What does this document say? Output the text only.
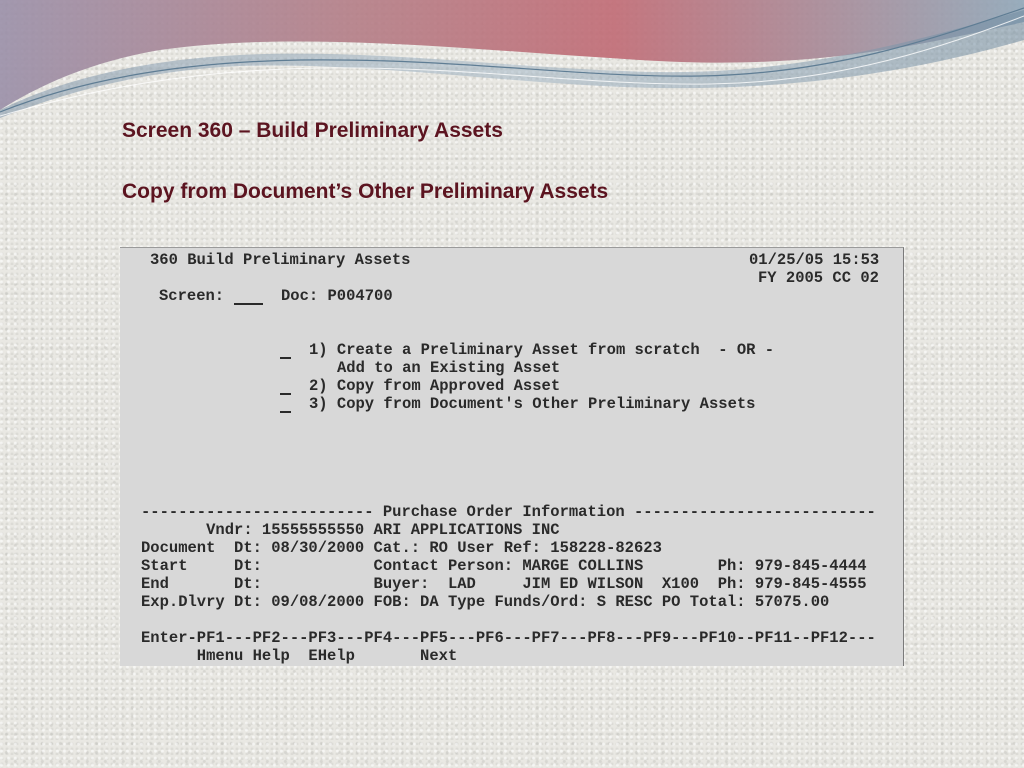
Screen 360 – Build Preliminary Assets
Copy from Document’s Other Preliminary Assets
360 Build Preliminary Assets	01/25/05 15:53
FY 2005 CC 02
Screen:	Doc: P004700
1) Create a Preliminary Asset from scratch  - OR -
Add to an Existing Asset
2) Copy from Approved Asset
3) Copy from Document's Other Preliminary Assets
------------------------- Purchase Order Information --------------------------
Vndr: 15555555550 ARI APPLICATIONS INC
Document  Dt: 08/30/2000 Cat.: RO User Ref: 158228-82623
Start     Dt:            Contact Person: MARGE COLLINS        Ph: 979-845-4444
End       Dt:            Buyer:  LAD     JIM ED WILSON  X100  Ph: 979-845-4555
Exp.Dlvry Dt: 09/08/2000 FOB: DA Type Funds/Ord: S RESC PO Total: 57075.00
Enter-PF1---PF2---PF3---PF4---PF5---PF6---PF7---PF8---PF9---PF10--PF11--PF12---
Hmenu Help  EHelp       Next
